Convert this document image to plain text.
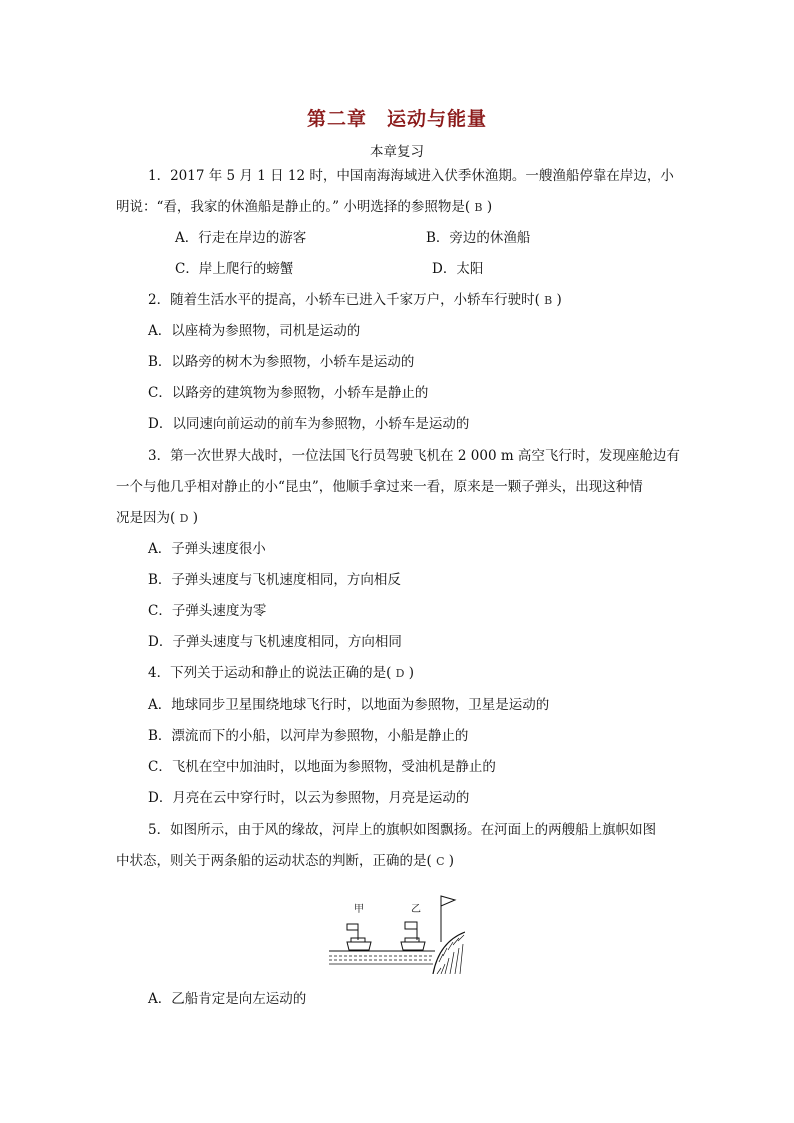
第二章　运动与能量
本章复习
1．2017 年 5 月 1 日 12 时，中国南海海域进入伏季休渔期。一艘渔船停靠在岸边，小
明说：“看，我家的休渔船是静止的。” 小明选择的参照物是( B )
A．行走在岸边的游客	B．旁边的休渔船
C．岸上爬行的螃蟹	D．太阳
2．随着生活水平的提高，小轿车已进入千家万户，小轿车行驶时( B )
A．以座椅为参照物，司机是运动的
B．以路旁的树木为参照物，小轿车是运动的
C．以路旁的建筑物为参照物，小轿车是静止的
D．以同速向前运动的前车为参照物，小轿车是运动的
3．第一次世界大战时，一位法国飞行员驾驶飞机在 2 000 m 高空飞行时，发现座舱边有
一个与他几乎相对静止的小“昆虫”，他顺手拿过来一看，原来是一颗子弹头，出现这种情
况是因为( D )
A．子弹头速度很小
B．子弹头速度与飞机速度相同，方向相反
C．子弹头速度为零
D．子弹头速度与飞机速度相同，方向相同
4．下列关于运动和静止的说法正确的是( D )
A．地球同步卫星围绕地球飞行时，以地面为参照物，卫星是运动的
B．漂流而下的小船，以河岸为参照物，小船是静止的
C．飞机在空中加油时，以地面为参照物，受油机是静止的
D．月亮在云中穿行时，以云为参照物，月亮是运动的
5．如图所示，由于风的缘故，河岸上的旗帜如图飘扬。在河面上的两艘船上旗帜如图
中状态，则关于两条船的运动状态的判断，正确的是( C )
甲	乙
A．乙船肯定是向左运动的
